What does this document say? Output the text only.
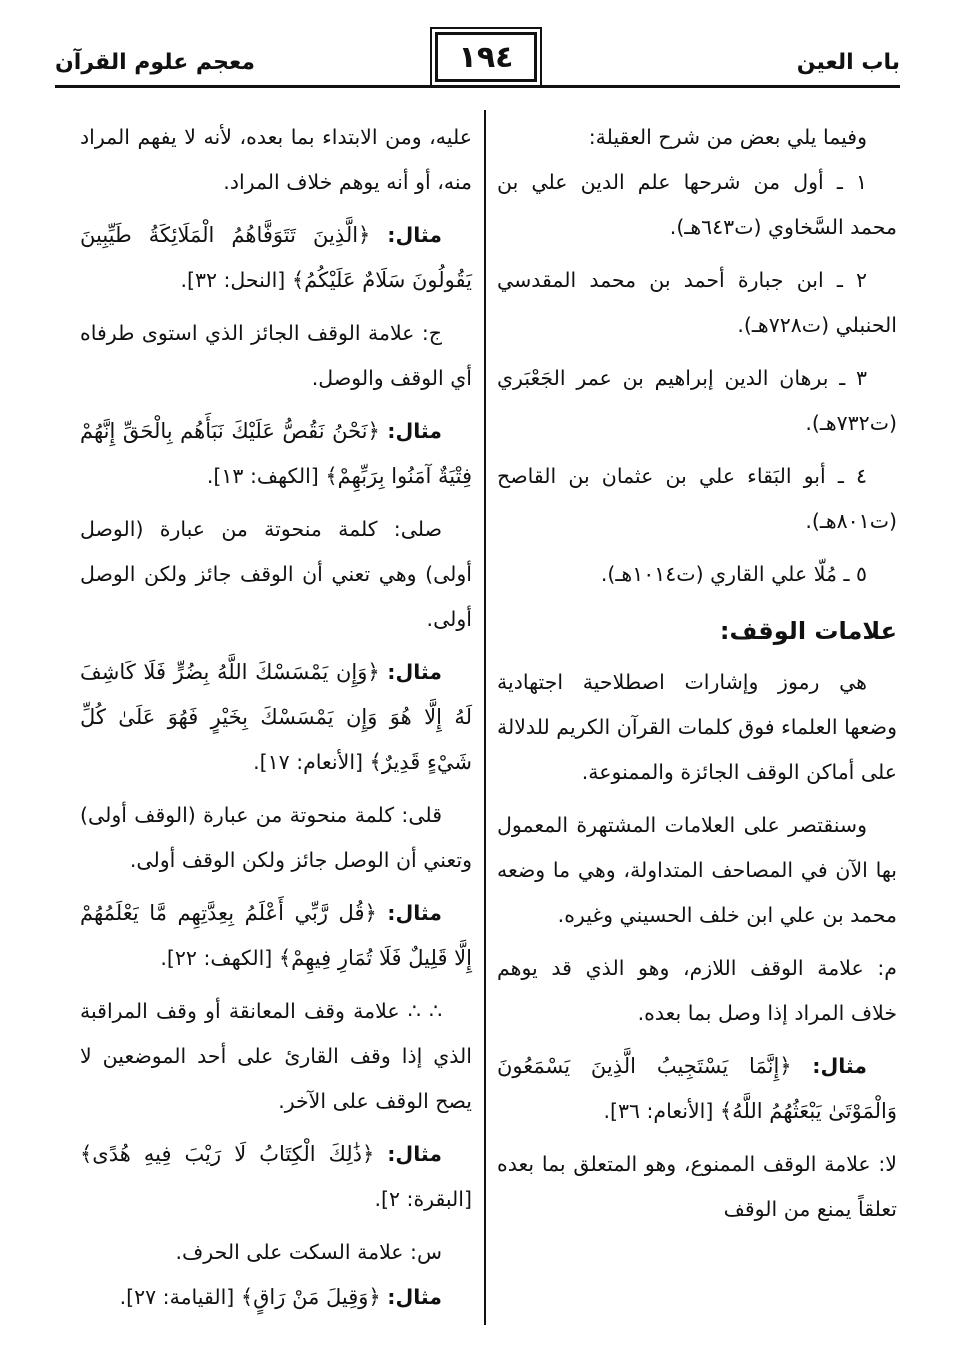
باب العين
١٩٤
معجم علوم القرآن

وفيما يلي بعض من شرح العقيلة:

١ ـ أول من شرحها علم الدين علي بن محمد السَّخاوي (ت٦٤٣هـ).

٢ ـ ابن جبارة أحمد بن محمد المقدسي الحنبلي (ت٧٢٨هـ).

٣ ـ برهان الدين إبراهيم بن عمر الجَعْبَري (ت٧٣٢هـ).

٤ ـ أبو البَقاء علي بن عثمان بن القاصح (ت٨٠١هـ).

٥ ـ مُلّا علي القاري (ت١٠١٤هـ).

علامات الوقف:

هي رموز وإشارات اصطلاحية اجتهادية وضعها العلماء فوق كلمات القرآن الكريم للدلالة على أماكن الوقف الجائزة والممنوعة.

وسنقتصر على العلامات المشتهرة المعمول بها الآن في المصاحف المتداولة، وهي ما وضعه محمد بن علي ابن خلف الحسيني وغيره.

م: علامة الوقف اللازم، وهو الذي قد يوهم خلاف المراد إذا وصل بما بعده.

مثال: ﴿إِنَّمَا يَسْتَجِيبُ الَّذِينَ يَسْمَعُونَ وَالْمَوْتَىٰ يَبْعَثُهُمُ اللَّهُ﴾ [الأنعام: ٣٦].

لا: علامة الوقف الممنوع، وهو المتعلق بما بعده تعلقاً يمنع من الوقف

عليه، ومن الابتداء بما بعده، لأنه لا يفهم المراد منه، أو أنه يوهم خلاف المراد.

مثال: ﴿الَّذِينَ تَتَوَفَّاهُمُ الْمَلَائِكَةُ طَيِّبِينَ يَقُولُونَ سَلَامٌ عَلَيْكُمُ﴾ [النحل: ٣٢].

ج: علامة الوقف الجائز الذي استوى طرفاه أي الوقف والوصل.

مثال: ﴿نَحْنُ نَقُصُّ عَلَيْكَ نَبَأَهُم بِالْحَقِّ إِنَّهُمْ فِتْيَةٌ آمَنُوا بِرَبِّهِمْ﴾ [الكهف: ١٣].

صلى: كلمة منحوتة من عبارة (الوصل أولى) وهي تعني أن الوقف جائز ولكن الوصل أولى.

مثال: ﴿وَإِن يَمْسَسْكَ اللَّهُ بِضُرٍّ فَلَا كَاشِفَ لَهُ إِلَّا هُوَ وَإِن يَمْسَسْكَ بِخَيْرٍ فَهُوَ عَلَىٰ كُلِّ شَيْءٍ قَدِيرٌ﴾ [الأنعام: ١٧].

قلى: كلمة منحوتة من عبارة (الوقف أولى) وتعني أن الوصل جائز ولكن الوقف أولى.

مثال: ﴿قُل رَّبِّي أَعْلَمُ بِعِدَّتِهِم مَّا يَعْلَمُهُمْ إِلَّا قَلِيلٌ فَلَا تُمَارِ فِيهِمْ﴾ [الكهف: ٢٢].

∴ ∴ علامة وقف المعانقة أو وقف المراقبة الذي إذا وقف القارئ على أحد الموضعين لا يصح الوقف على الآخر.

مثال: ﴿ذَٰلِكَ الْكِتَابُ لَا رَيْبَ فِيهِ هُدًى﴾ [البقرة: ٢].

س: علامة السكت على الحرف.

مثال: ﴿وَقِيلَ مَنْ رَاقٍ﴾ [القيامة: ٢٧].
